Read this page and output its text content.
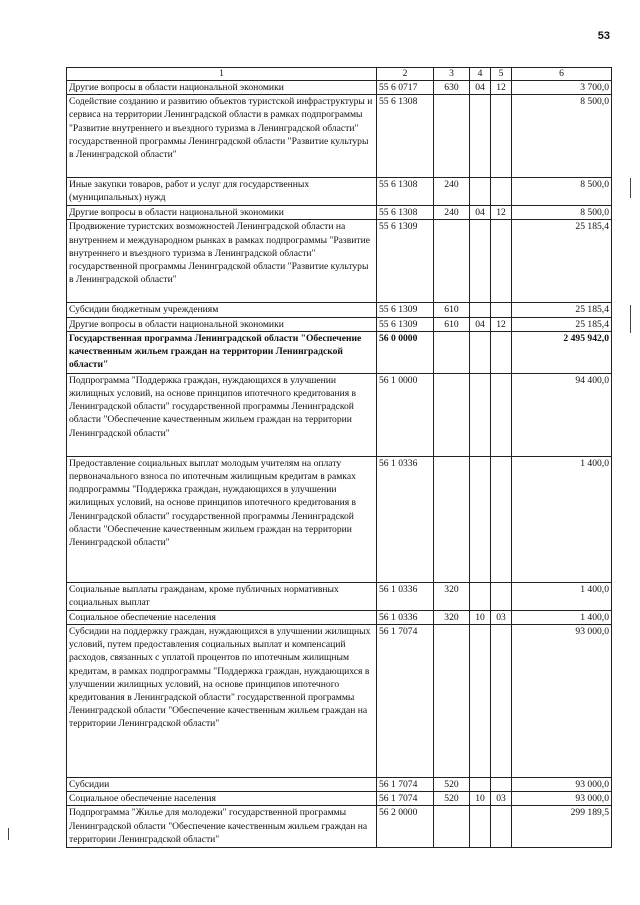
53
1	2	3	4	5	6
Другие вопросы в области национальной экономики	55 6 0717	630	04	12	3 700,0
Содействие созданию и развитию объектов туристской инфраструктуры и сервиса на территории Ленинградской области в рамках подпрограммы "Развитие внутреннего и въездного туризма в Ленинградской области" государственной программы Ленинградской области "Развитие культуры в Ленинградской области"	55 6 1308				8 500,0
Иные закупки товаров, работ и услуг для государственных (муниципальных) нужд	55 6 1308	240			8 500,0
Другие вопросы в области национальной экономики	55 6 1308	240	04	12	8 500,0
Продвижение туристских возможностей Ленинградской области на внутреннем и международном рынках в рамках подпрограммы "Развитие внутреннего и въездного туризма в Ленинградской области" государственной программы Ленинградской области "Развитие культуры в Ленинградской области"	55 6 1309				25 185,4
Субсидии бюджетным учреждениям	55 6 1309	610			25 185,4
Другие вопросы в области национальной экономики	55 6 1309	610	04	12	25 185,4
Государственная программа Ленинградской области "Обеспечение качественным жильем граждан на территории Ленинградской области"	56 0 0000				2 495 942,0
Подпрограмма "Поддержка граждан, нуждающихся в улучшении жилищных условий, на основе принципов ипотечного кредитования в Ленинградской области" государственной программы Ленинградской области "Обеспечение качественным жильем граждан на территории Ленинградской области"	56 1 0000				94 400,0
Предоставление социальных выплат молодым учителям на оплату первоначального взноса по ипотечным жилищным кредитам в рамках подпрограммы "Поддержка граждан, нуждающихся в улучшении жилищных условий, на основе принципов ипотечного кредитования в Ленинградской области" государственной программы Ленинградской области "Обеспечение качественным жильем граждан на территории Ленинградской области"	56 1 0336				1 400,0
Социальные выплаты гражданам, кроме публичных нормативных социальных выплат	56 1 0336	320			1 400,0
Социальное обеспечение населения	56 1 0336	320	10	03	1 400,0
Субсидии на поддержку граждан, нуждающихся в улучшении жилищных условий, путем предоставления социальных выплат и компенсаций расходов, связанных с уплатой процентов по ипотечным жилищным кредитам, в рамках подпрограммы "Поддержка граждан, нуждающихся в улучшении жилищных условий, на основе принципов ипотечного кредитования в Ленинградской области" государственной программы Ленинградской области "Обеспечение качественным жильем граждан на территории Ленинградской области"	56 1 7074				93 000,0
Субсидии	56 1 7074	520			93 000,0
Социальное обеспечение населения	56 1 7074	520	10	03	93 000,0
Подпрограмма "Жилье для молодежи" государственной программы Ленинградской области "Обеспечение качественным жильем граждан на территории Ленинградской области"	56 2 0000				299 189,5
